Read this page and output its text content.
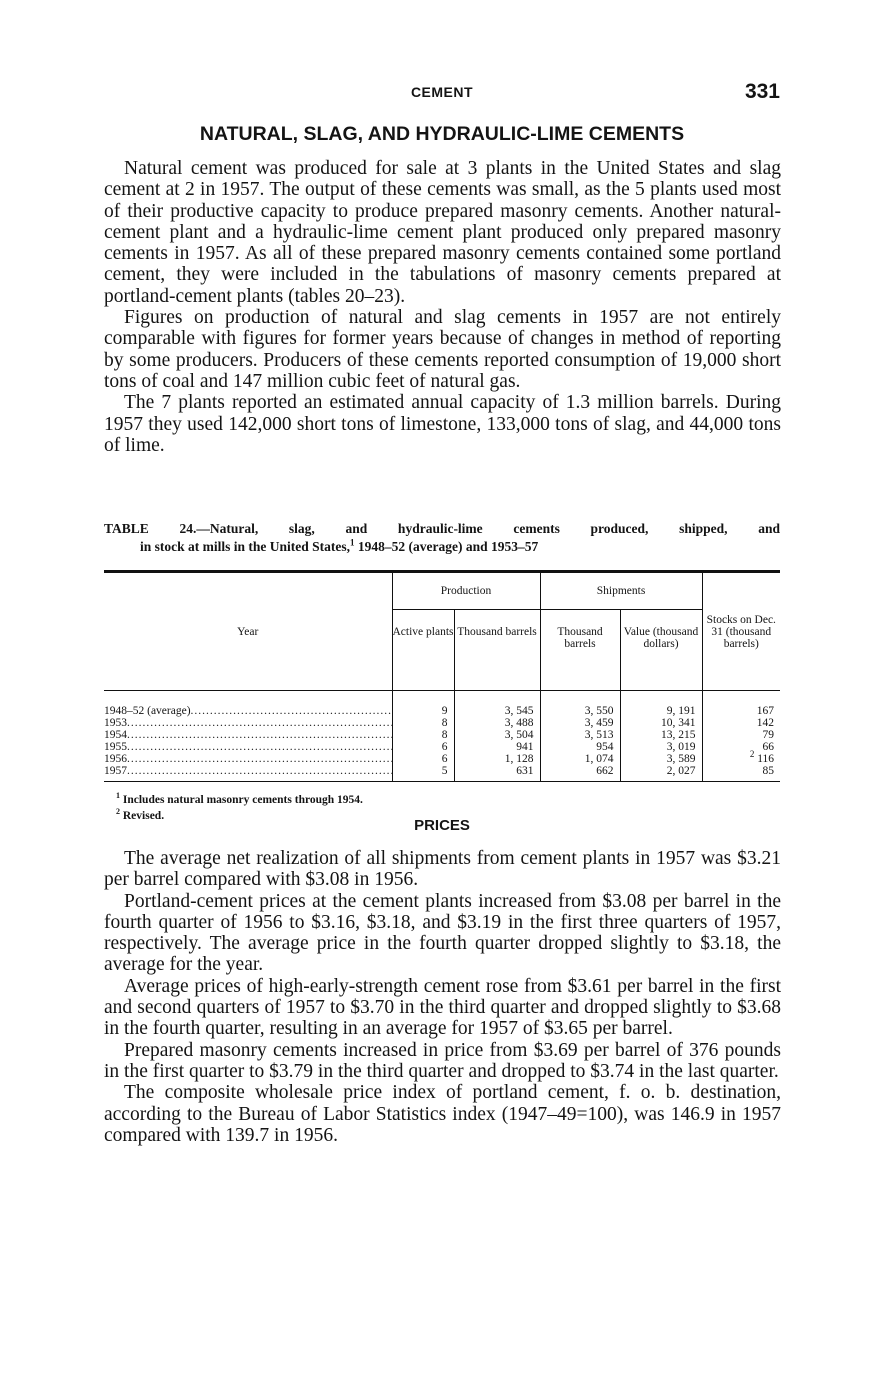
CEMENT	331
NATURAL, SLAG, AND HYDRAULIC-LIME CEMENTS

Natural cement was produced for sale at 3 plants in the United States and slag cement at 2 in 1957. The output of these cements was small, as the 5 plants used most of their productive capacity to produce prepared masonry cements. Another natural-cement plant and a hydraulic-lime cement plant produced only prepared masonry cements in 1957. As all of these prepared masonry cements contained some portland cement, they were included in the tabulations of masonry cements prepared at portland-cement plants (tables 20–23).

Figures on production of natural and slag cements in 1957 are not entirely comparable with figures for former years because of changes in method of reporting by some producers. Producers of these cements reported consumption of 19,000 short tons of coal and 147 million cubic feet of natural gas.

The 7 plants reported an estimated annual capacity of 1.3 million barrels. During 1957 they used 142,000 short tons of limestone, 133,000 tons of slag, and 44,000 tons of lime.

TABLE 24.—Natural, slag, and hydraulic-lime cements produced, shipped, and
in stock at mills in the United States,$^1$ 1948–52 (average) and 1953–57
Year	Production		Shipments		Stocks on Dec. 31 (thousand barrels)
	Active plants	Thousand barrels	Thousand barrels	Value (thousand dollars)	
1948–52 (average) .....	9	3, 545	3, 550	9, 191	167
1953 .....	8	3, 488	3, 459	10, 341	142
1954 .....	8	3, 504	3, 513	13, 215	79
1955 .....	6	941	954	3, 019	66
1956 .....	6	1, 128	1, 074	3, 589	$^2$ 116
1957 .....	5	631	662	2, 027	85
$^1$ Includes natural masonry cements through 1954.
$^2$ Revised.
PRICES

The average net realization of all shipments from cement plants in 1957 was $3.21 per barrel compared with $3.08 in 1956.

Portland-cement prices at the cement plants increased from $3.08 per barrel in the fourth quarter of 1956 to $3.16, $3.18, and $3.19 in the first three quarters of 1957, respectively. The average price in the fourth quarter dropped slightly to $3.18, the average for the year.

Average prices of high-early-strength cement rose from $3.61 per barrel in the first and second quarters of 1957 to $3.70 in the third quarter and dropped slightly to $3.68 in the fourth quarter, resulting in an average for 1957 of $3.65 per barrel.

Prepared masonry cements increased in price from $3.69 per barrel of 376 pounds in the first quarter to $3.79 in the third quarter and dropped to $3.74 in the last quarter.

The composite wholesale price index of portland cement, f. o. b. destination, according to the Bureau of Labor Statistics index (1947–49=100), was 146.9 in 1957 compared with 139.7 in 1956.
